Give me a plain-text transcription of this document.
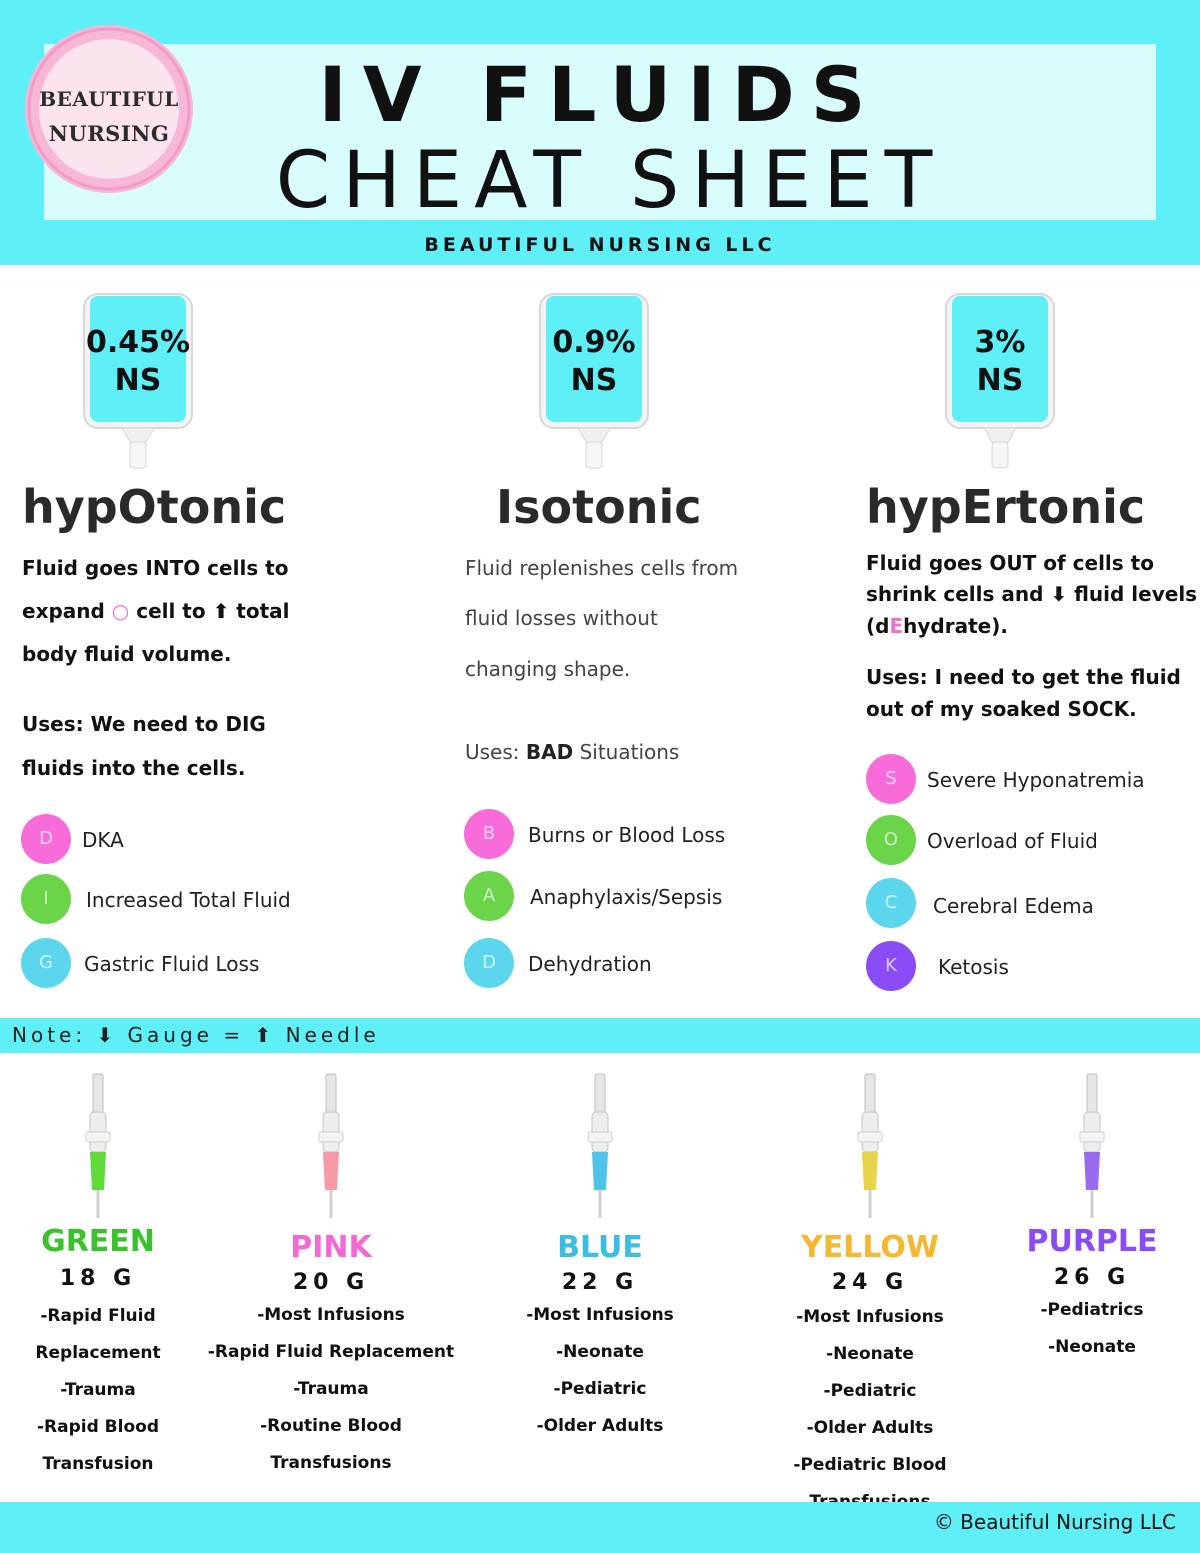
IV FLUIDS
CHEAT SHEET
BEAUTIFUL NURSING LLC
BEAUTIFUL
NURSING
0.45%
NS
0.9%
NS
3%
NS
hypOtonic
Fluid goes INTO cells to
expand ○ cell to ⬆ total
body fluid volume.
Uses: We need to DIG
fluids into the cells.
D	DKA
I	Increased Total Fluid
G	Gastric Fluid Loss
Isotonic
Fluid replenishes cells from
fluid losses without
changing shape.
Uses: BAD Situations
B	Burns or Blood Loss
A	Anaphylaxis/Sepsis
D	Dehydration
hypErtonic
Fluid goes OUT of cells to
shrink cells and ⬇ fluid levels
(dEhydrate).
Uses: I need to get the fluid
out of my soaked SOCK.
S	Severe Hyponatremia
O	Overload of Fluid
C	Cerebral Edema
K	Ketosis
Note: ⬇ Gauge = ⬆ Needle
GREEN
18 G
-Rapid Fluid
Replacement
-Trauma
-Rapid Blood
Transfusion
PINK
20 G
-Most Infusions
-Rapid Fluid Replacement
-Trauma
-Routine Blood
Transfusions
BLUE
22 G
-Most Infusions
-Neonate
-Pediatric
-Older Adults
YELLOW
24 G
-Most Infusions
-Neonate
-Pediatric
-Older Adults
-Pediatric Blood
PURPLE
26 G
-Pediatrics
-Neonate
© Beautiful Nursing LLC
